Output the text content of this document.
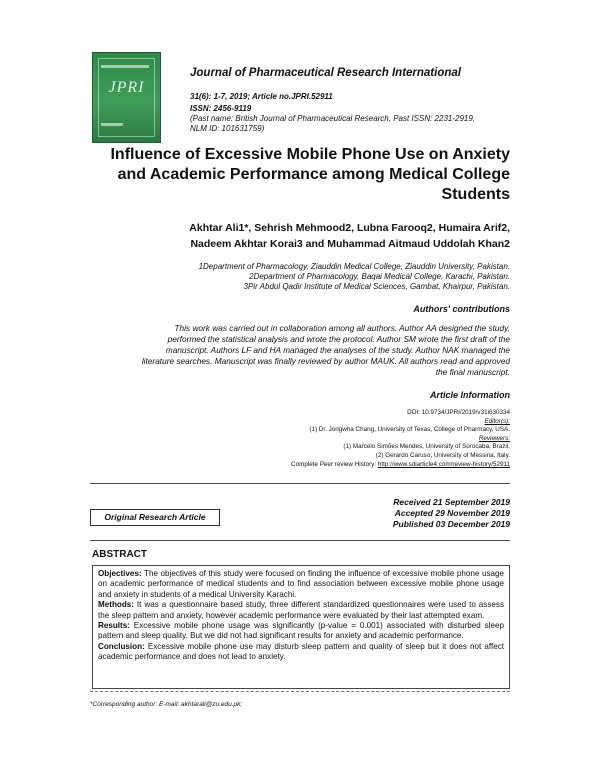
JPRI
Journal of Pharmaceutical Research International
31(6): 1-7, 2019; Article no.JPRI.52911
ISSN: 2456-9119
(Past name: British Journal of Pharmaceutical Research, Past ISSN: 2231-2919,
NLM ID: 101631759)
Influence of Excessive Mobile Phone Use on Anxiety
and Academic Performance among Medical College
Students
Akhtar Ali1*, Sehrish Mehmood2, Lubna Farooq2, Humaira Arif2,
Nadeem Akhtar Korai3 and Muhammad Aitmaud Uddolah Khan2
1Department of Pharmacology, Ziauddin Medical College, Ziauddin University, Pakistan.
2Department of Pharmacology, Baqai Medical College, Karachi, Pakistan.
3Pir Abdul Qadir Institute of Medical Sciences, Gambat, Khairpur, Pakistan.
Authors' contributions
This work was carried out in collaboration among all authors. Author AA designed the study,
performed the statistical analysis and wrote the protocol. Author SM wrote the first draft of the
manuscript. Authors LF and HA managed the analyses of the study. Author NAK managed the
literature searches. Manuscript was finally reviewed by author MAUK. All authors read and approved
the final manuscript.
Article Information
DOI: 10.9734/JPRI/2019/v31i630334
Editor(s):
(1) Dr. Jongwha Chang, University of Texas, College of Pharmacy, USA.
Reviewers:
(1) Marcelo Simões Mendes, University of Sorocaba, Brazil.
(2) Gerardo Caruso, University of Messina, Italy.
Complete Peer review History: http://www.sdiarticle4.com/review-history/52911
Original Research Article
Received 21 September 2019
Accepted 29 November 2019
Published 03 December 2019
ABSTRACT

Objectives: The objectives of this study were focused on finding the influence of excessive mobile phone usage on academic performance of medical students and to find association between excessive mobile phone usage and anxiety in students of a medical University Karachi.

Methods: It was a questionnaire based study, three different standardized questionnaires were used to assess the sleep pattern and anxiety, however academic performance were evaluated by their last attempted exam.

Results: Excessive mobile phone usage was significantly (p-value = 0.001) associated with disturbed sleep pattern and sleep quality. But we did not had significant results for anxiety and academic performance.

Conclusion: Excessive mobile phone use may disturb sleep pattern and quality of sleep but it does not affect academic performance and does not lead to anxiety.

*Corresponding author: E-mail: akhtarali@zu.edu.pk;
